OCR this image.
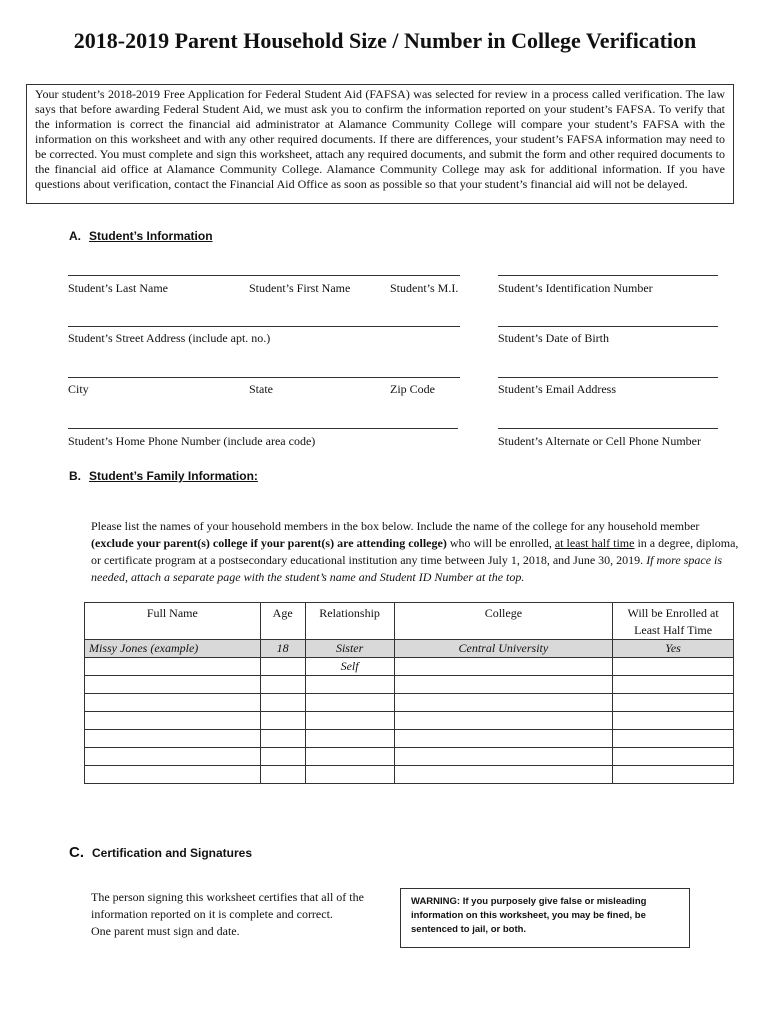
2018-2019 Parent Household Size / Number in College Verification
Your student’s 2018-2019 Free Application for Federal Student Aid (FAFSA) was selected for review in a process called verification. The law says that before awarding Federal Student Aid, we must ask you to confirm the information reported on your student’s FAFSA. To verify that the information is correct the financial aid administrator at Alamance Community College will compare your student’s FAFSA with the information on this worksheet and with any other required documents. If there are differences, your student’s FAFSA information may need to be corrected. You must complete and sign this worksheet, attach any required documents, and submit the form and other required documents to the financial aid office at Alamance Community College. Alamance Community College may ask for additional information. If you have questions about verification, contact the Financial Aid Office as soon as possible so that your student’s financial aid will not be delayed.
A. Student’s Information
Student’s Last Name	Student’s First Name	Student’s M.I.	Student’s Identification Number
Student’s Street Address (include apt. no.)	Student’s Date of Birth
City	State	Zip Code	Student’s Email Address
Student’s Home Phone Number (include area code)	Student’s Alternate or Cell Phone Number
B. Student’s Family Information:
Please list the names of your household members in the box below. Include the name of the college for any household member (exclude your parent(s) college if your parent(s) are attending college) who will be enrolled, at least half time in a degree, diploma, or certificate program at a postsecondary educational institution any time between July 1, 2018, and June 30, 2019. If more space is needed, attach a separate page with the student’s name and Student ID Number at the top.
Full Name	Age	Relationship	College	Will be Enrolled at Least Half Time
Missy Jones (example)	18	Sister	Central University	Yes
		Self		

C. Certification and Signatures
The person signing this worksheet certifies that all of the information reported on it is complete and correct.
One parent must sign and date.
WARNING: If you purposely give false or misleading information on this worksheet, you may be fined, be sentenced to jail, or both.
